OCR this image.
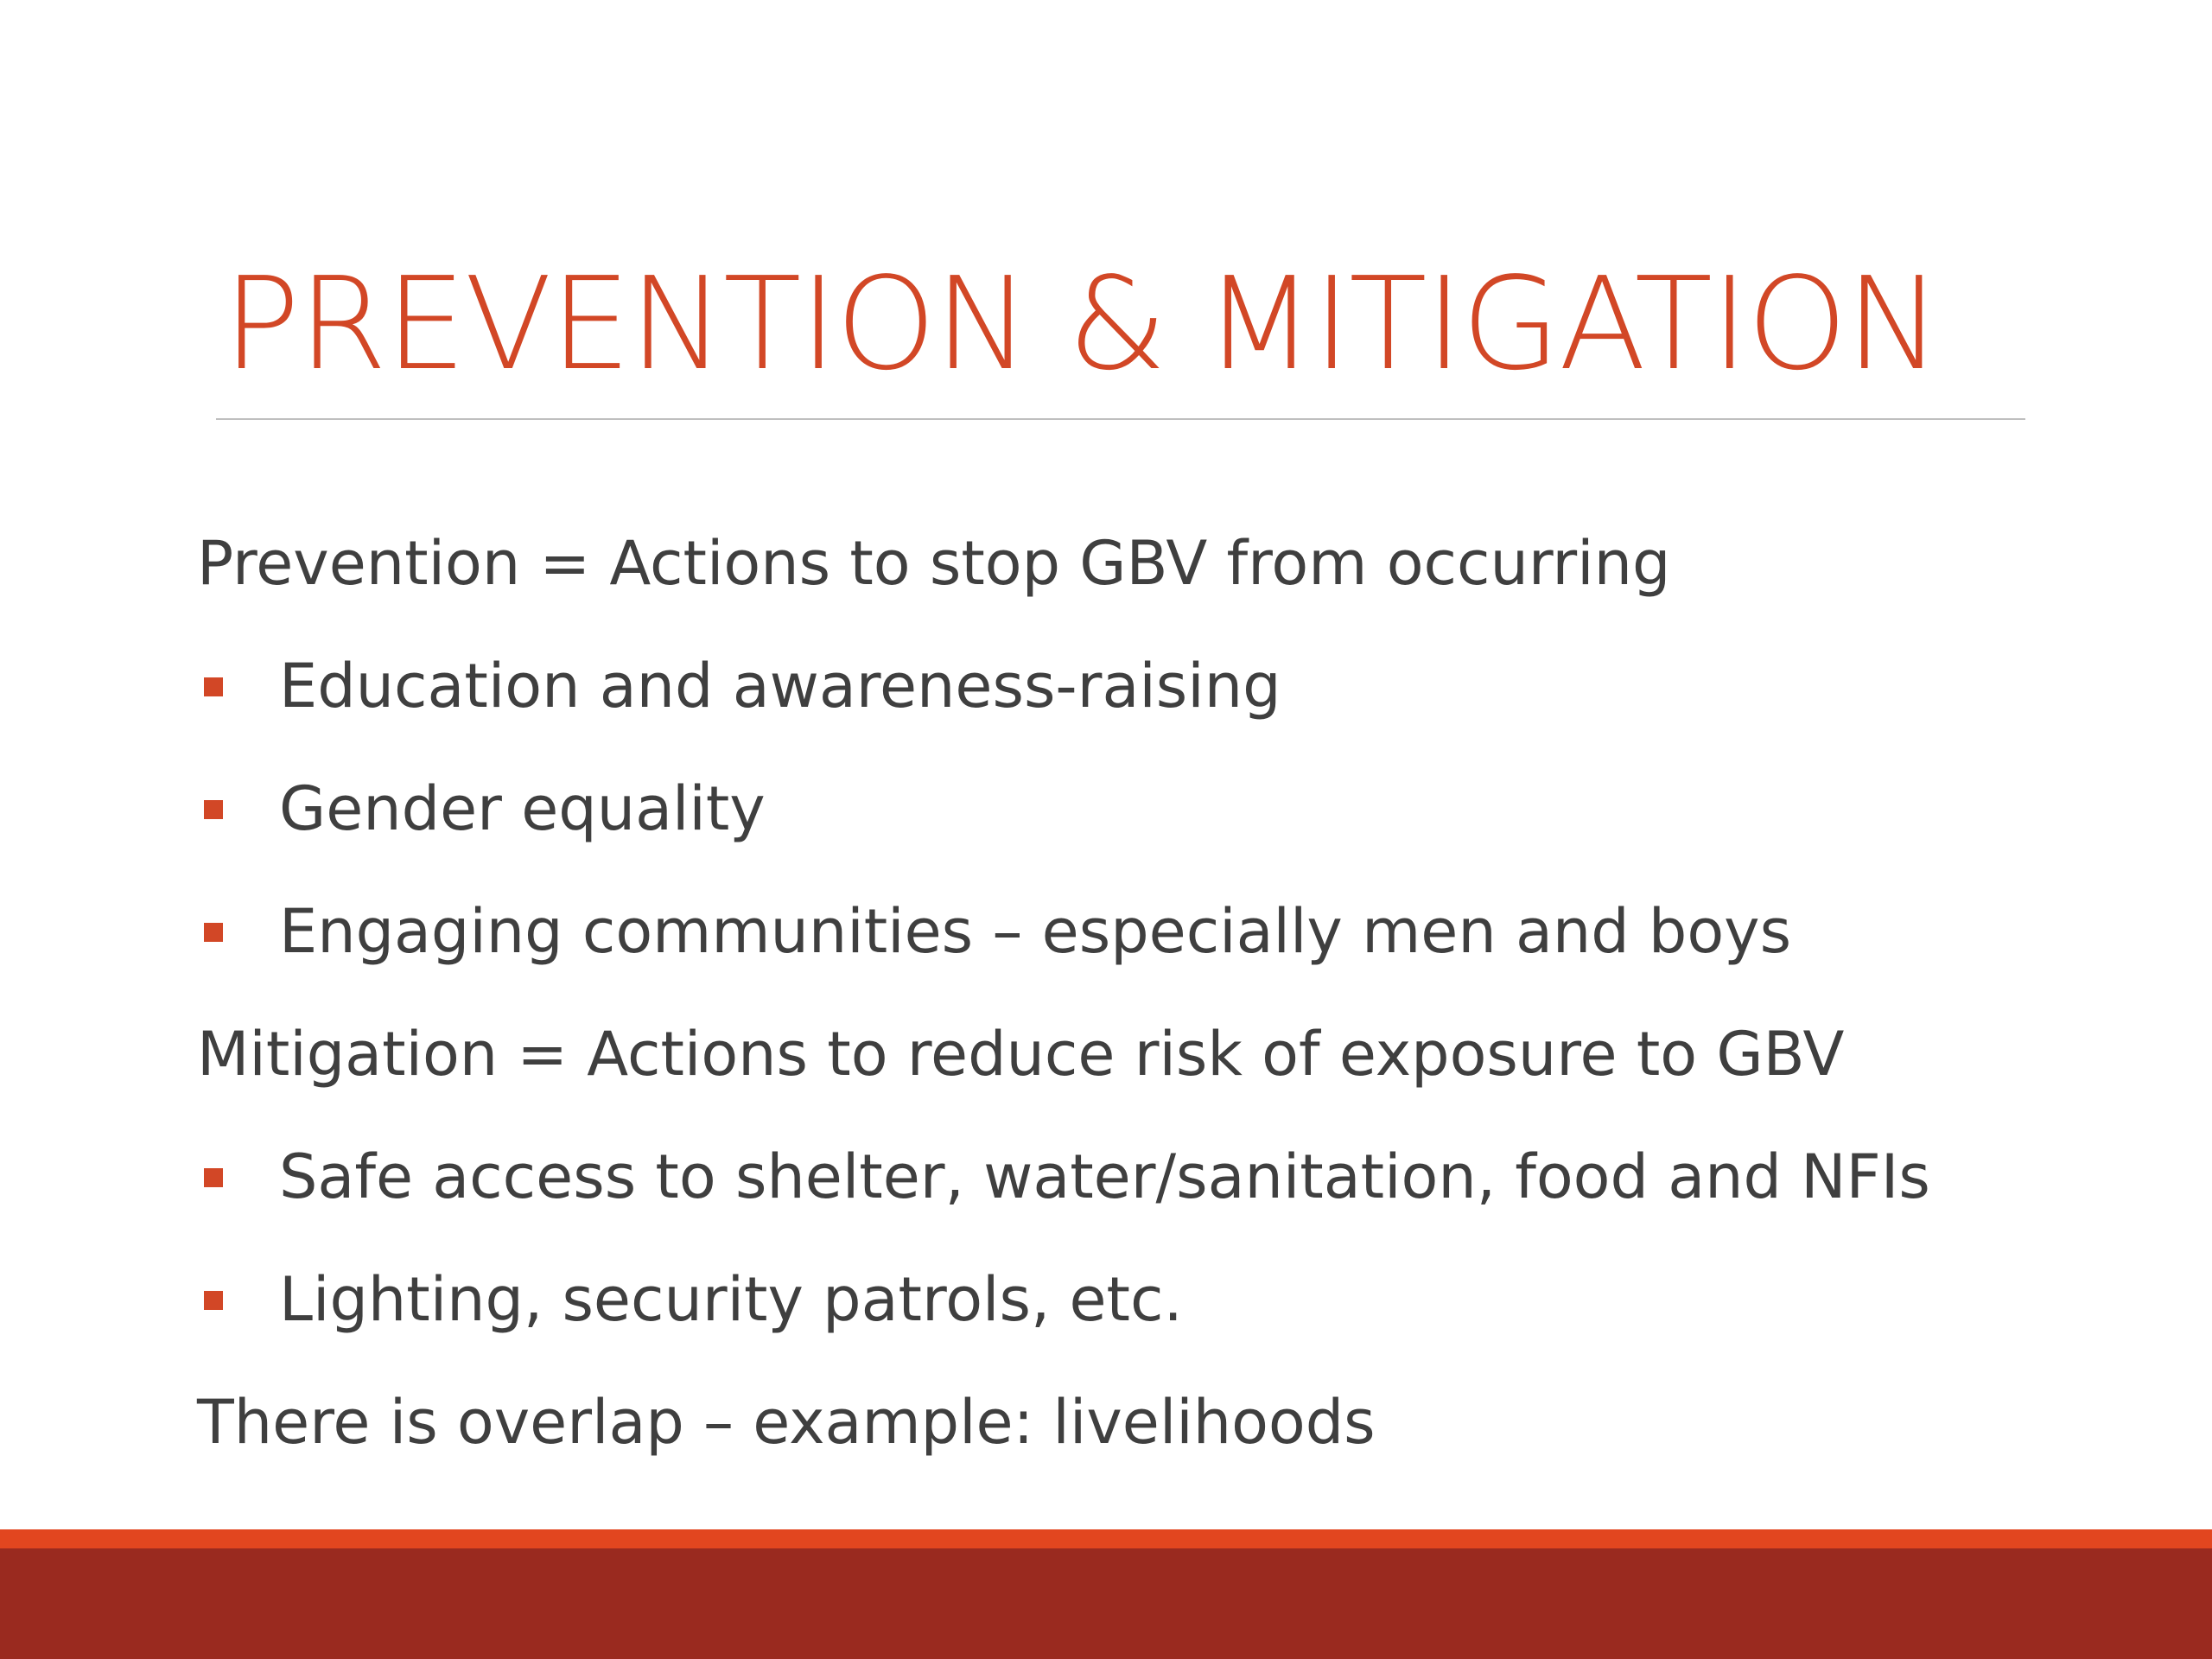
PREVENTION & MITIGATION
Prevention = Actions to stop GBV from occurring
Education and awareness-raising
Gender equality
Engaging communities – especially men and boys
Mitigation = Actions to reduce risk of exposure to GBV
Safe access to shelter, water/sanitation, food and NFIs
Lighting, security patrols, etc.
There is overlap – example: livelihoods
